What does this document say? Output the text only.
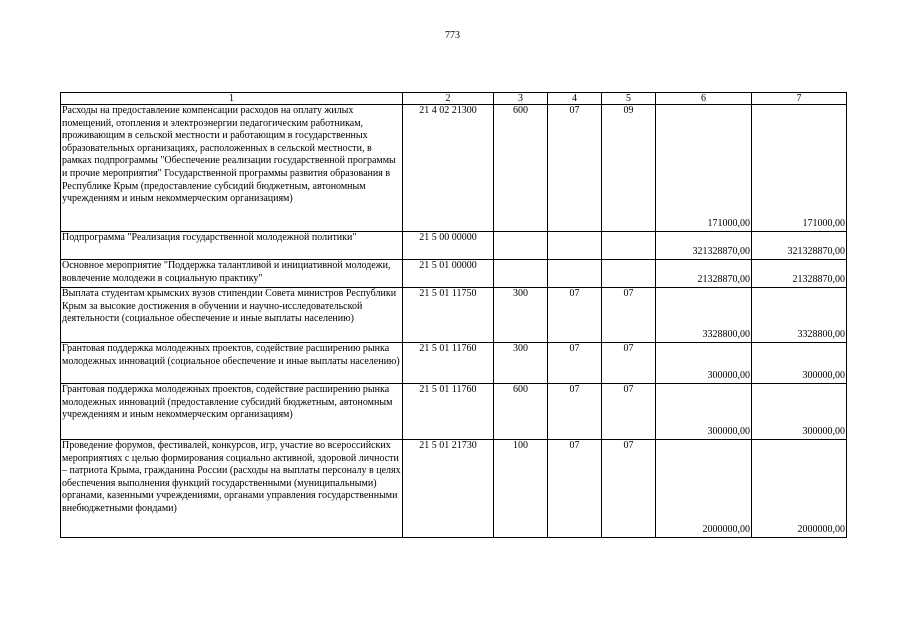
773
1	2	3	4	5	6	7
Расходы на предоставление компенсации расходов на оплату жилых помещений, отопления и электроэнергии педагогическим работникам, проживающим в сельской местности и работающим в государственных образовательных организациях, расположенных в сельской местности, в рамках подпрограммы "Обеспечение реализации государственной программы и прочие мероприятия" Государственной программы развития образования в Республике Крым (предоставление субсидий бюджетным, автономным учреждениям и иным некоммерческим организациям)	21 4 02 21300	600	07	09	171000,00	171000,00
Подпрограмма "Реализация государственной молодежной политики"	21 5 00 00000				321328870,00	321328870,00
Основное мероприятие "Поддержка талантливой и инициативной молодежи, вовлечение молодежи в социальную практику"	21 5 01 00000				21328870,00	21328870,00
Выплата студентам крымских вузов стипендии Совета министров Республики Крым за высокие достижения в обучении и научно-исследовательской деятельности (социальное обеспечение и иные выплаты населению)	21 5 01 11750	300	07	07	3328800,00	3328800,00
Грантовая поддержка молодежных проектов, содействие расширению рынка молодежных инноваций (социальное обеспечение и иные выплаты населению)	21 5 01 11760	300	07	07	300000,00	300000,00
Грантовая поддержка молодежных проектов, содействие расширению рынка молодежных инноваций (предоставление субсидий бюджетным, автономным учреждениям и иным некоммерческим организациям)	21 5 01 11760	600	07	07	300000,00	300000,00
Проведение форумов, фестивалей, конкурсов, игр, участие во всероссийских мероприятиях с целью формирования социально активной, здоровой личности – патриота Крыма, гражданина России (расходы на выплаты персоналу в целях обеспечения выполнения функций государственными (муниципальными) органами, казенными учреждениями, органами управления государственными внебюджетными фондами)	21 5 01 21730	100	07	07	2000000,00	2000000,00
